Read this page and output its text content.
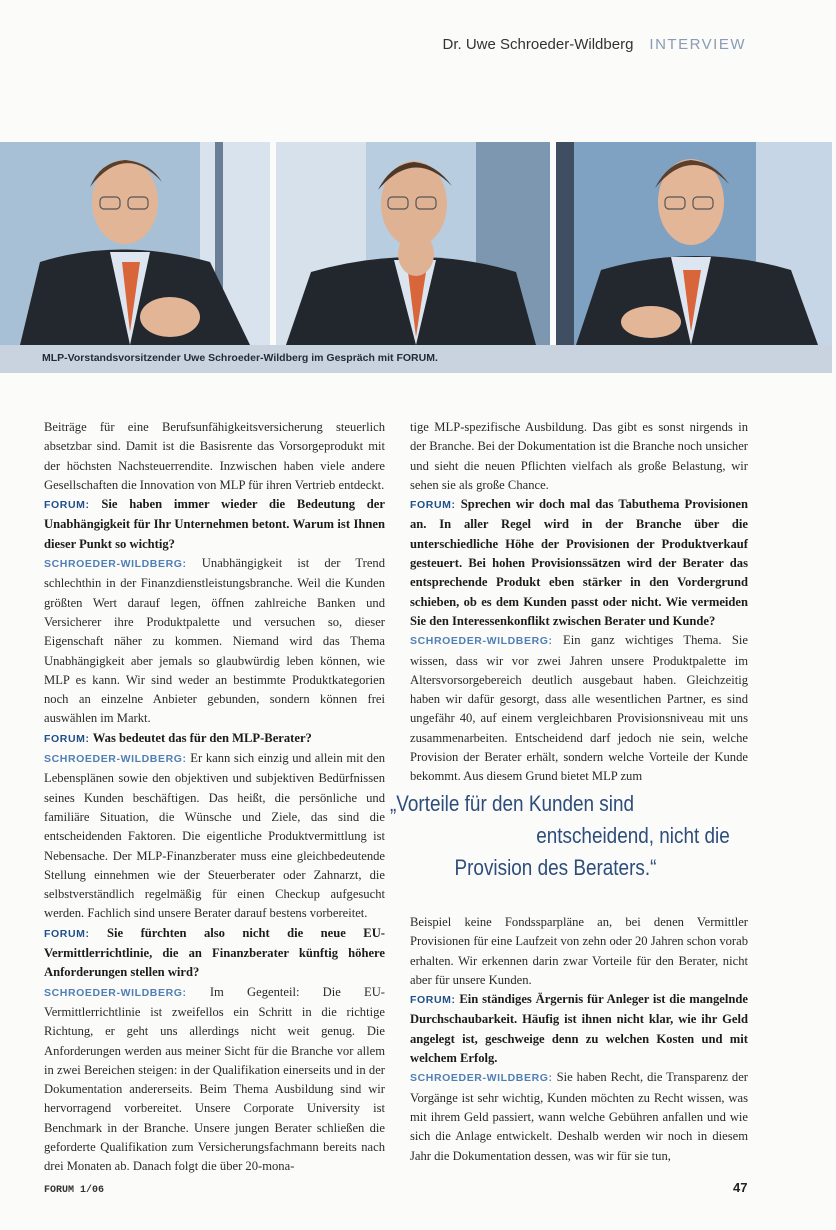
Dr. Uwe Schroeder-Wildberg INTERVIEW
MLP-Vorstandsvorsitzender Uwe Schroeder-Wildberg im Gespräch mit FORUM.

Beiträge für eine Berufsunfähigkeitsversicherung steuerlich absetzbar sind. Damit ist die Basisrente das Vorsorgeprodukt mit der höchsten Nachsteuerrendite. Inzwischen haben viele andere Gesellschaften die Innovation von MLP für ihren Vertrieb entdeckt.

FORUM: Sie haben immer wieder die Bedeutung der Unabhängigkeit für Ihr Unternehmen betont. Warum ist Ihnen dieser Punkt so wichtig?

SCHROEDER-WILDBERG: Unabhängigkeit ist der Trend schlechthin in der Finanzdienstleistungsbranche. Weil die Kunden größten Wert darauf legen, öffnen zahlreiche Banken und Versicherer ihre Produktpalette und versuchen so, dieser Eigenschaft näher zu kommen. Niemand wird das Thema Unabhängigkeit aber jemals so glaubwürdig leben können, wie MLP es kann. Wir sind weder an bestimmte Produktkategorien noch an einzelne Anbieter gebunden, sondern können frei auswählen im Markt.

FORUM: Was bedeutet das für den MLP-Berater?

SCHROEDER-WILDBERG: Er kann sich einzig und allein mit den Lebensplänen sowie den objektiven und subjektiven Bedürfnissen seines Kunden beschäftigen. Das heißt, die persönliche und familiäre Situation, die Wünsche und Ziele, das sind die entscheidenden Faktoren. Die eigentliche Produktvermittlung ist Nebensache. Der MLP-Finanzberater muss eine gleichbedeutende Stellung einnehmen wie der Steuerberater oder Zahnarzt, die selbstverständlich regelmäßig für einen Checkup aufgesucht werden. Fachlich sind unsere Berater darauf bestens vorbereitet.

FORUM: Sie fürchten also nicht die neue EU-Vermittlerrichtlinie, die an Finanzberater künftig höhere Anforderungen stellen wird?

SCHROEDER-WILDBERG: Im Gegenteil: Die EU-Vermittlerrichtlinie ist zweifellos ein Schritt in die richtige Richtung, er geht uns allerdings nicht weit genug. Die Anforderungen werden aus meiner Sicht für die Branche vor allem in zwei Bereichen steigen: in der Qualifikation einerseits und in der Dokumentation andererseits. Beim Thema Ausbildung sind wir hervorragend vorbereitet. Unsere Corporate University ist Benchmark in der Branche. Unsere jungen Berater schließen die geforderte Qualifikation zum Versicherungsfachmann bereits nach drei Monaten ab. Danach folgt die über 20-mona-

tige MLP-spezifische Ausbildung. Das gibt es sonst nirgends in der Branche. Bei der Dokumentation ist die Branche noch unsicher und sieht die neuen Pflichten vielfach als große Belastung, wir sehen sie als große Chance.

FORUM: Sprechen wir doch mal das Tabuthema Provisionen an. In aller Regel wird in der Branche über die unterschiedliche Höhe der Provisionen der Produktverkauf gesteuert. Bei hohen Provisionssätzen wird der Berater das entsprechende Produkt eben stärker in den Vordergrund schieben, ob es dem Kunden passt oder nicht. Wie vermeiden Sie den Interessenkonflikt zwischen Berater und Kunde?

SCHROEDER-WILDBERG: Ein ganz wichtiges Thema. Sie wissen, dass wir vor zwei Jahren unsere Produktpalette im Altersvorsorgebereich deutlich ausgebaut haben. Gleichzeitig haben wir dafür gesorgt, dass alle wesentlichen Partner, es sind ungefähr 40, auf einem vergleichbaren Provisionsniveau mit uns zusammenarbeiten. Entscheidend darf jedoch nie sein, welche Provision der Berater erhält, sondern welche Vorteile der Kunde bekommt. Aus diesem Grund bietet MLP zum

„Vorteile für den Kunden sind
entscheidend, nicht die
Provision des Beraters.“

Beispiel keine Fondssparpläne an, bei denen Vermittler Provisionen für eine Laufzeit von zehn oder 20 Jahren schon vorab erhalten. Wir erkennen darin zwar Vorteile für den Berater, nicht aber für unsere Kunden.

FORUM: Ein ständiges Ärgernis für Anleger ist die mangelnde Durchschaubarkeit. Häufig ist ihnen nicht klar, wie ihr Geld angelegt ist, geschweige denn zu welchen Kosten und mit welchem Erfolg.

SCHROEDER-WILDBERG: Sie haben Recht, die Transparenz der Vorgänge ist sehr wichtig, Kunden möchten zu Recht wissen, was mit ihrem Geld passiert, wann welche Gebühren anfallen und wie sich die Anlage entwickelt. Deshalb werden wir noch in diesem Jahr die Dokumentation dessen, was wir für sie tun,

FORUM 1/06	47
